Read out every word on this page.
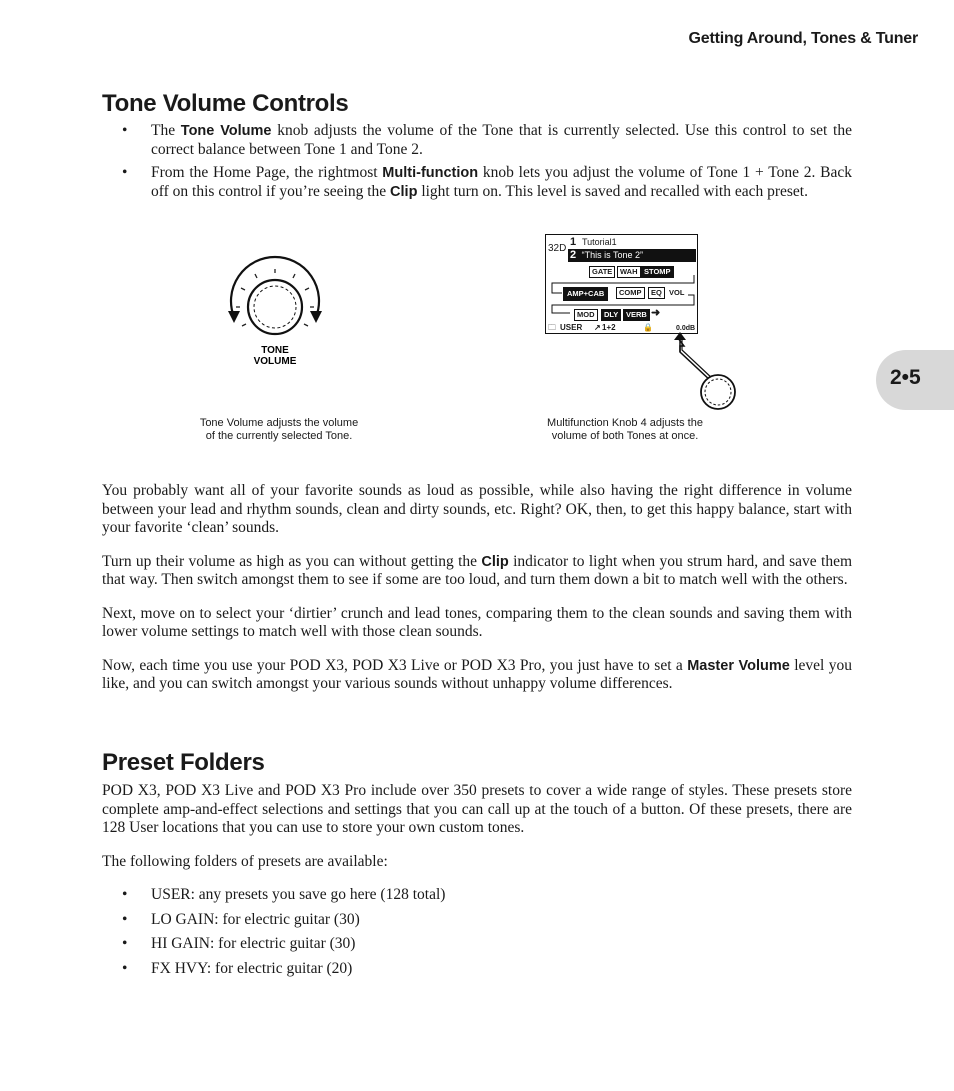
Getting Around, Tones & Tuner
2•5
Tone Volume Controls
• The Tone Volume knob adjusts the volume of the Tone that is currently selected. Use this control to set the correct balance between Tone 1 and Tone 2.
• From the Home Page, the rightmost Multi-function knob lets you adjust the volume of Tone 1 + Tone 2. Back off on this control if you’re seeing the Clip light turn on. This level is saved and recalled with each preset.
TONE
VOLUME
Tone Volume adjusts the volume
of the currently selected Tone.
32D
1 Tutorial1
2 “This is Tone 2”
GATE	WAH STOMP
AMP+CAB	COMP	EQ VOL
MOD	DLY	VERB ➜
🗀 USER ↗ 1+2	🔒	0.0dB
Multifunction Knob 4 adjusts the
volume of both Tones at once.

You probably want all of your favorite sounds as loud as possible, while also having the right difference in volume between your lead and rhythm sounds, clean and dirty sounds, etc. Right? OK, then, to get this happy balance, start with your favorite ‘clean’ sounds.

Turn up their volume as high as you can without getting the Clip indicator to light when you strum hard, and save them that way. Then switch amongst them to see if some are too loud, and turn them down a bit to match well with the others.

Next, move on to select your ‘dirtier’ crunch and lead tones, comparing them to the clean sounds and saving them with lower volume settings to match well with those clean sounds.

Now, each time you use your POD X3, POD X3 Live or POD X3 Pro, you just have to set a Master Volume level you like, and you can switch amongst your various sounds without unhappy volume differences.

Preset Folders

POD X3, POD X3 Live and POD X3 Pro include over 350 presets to cover a wide range of styles. These presets store complete amp-and-effect selections and settings that you can call up at the touch of a button. Of these presets, there are 128 User locations that you can use to store your own custom tones.

The following folders of presets are available:

• USER: any presets you save go here (128 total)
• LO GAIN: for electric guitar (30)
• HI GAIN: for electric guitar (30)
• FX HVY: for electric guitar (20)
